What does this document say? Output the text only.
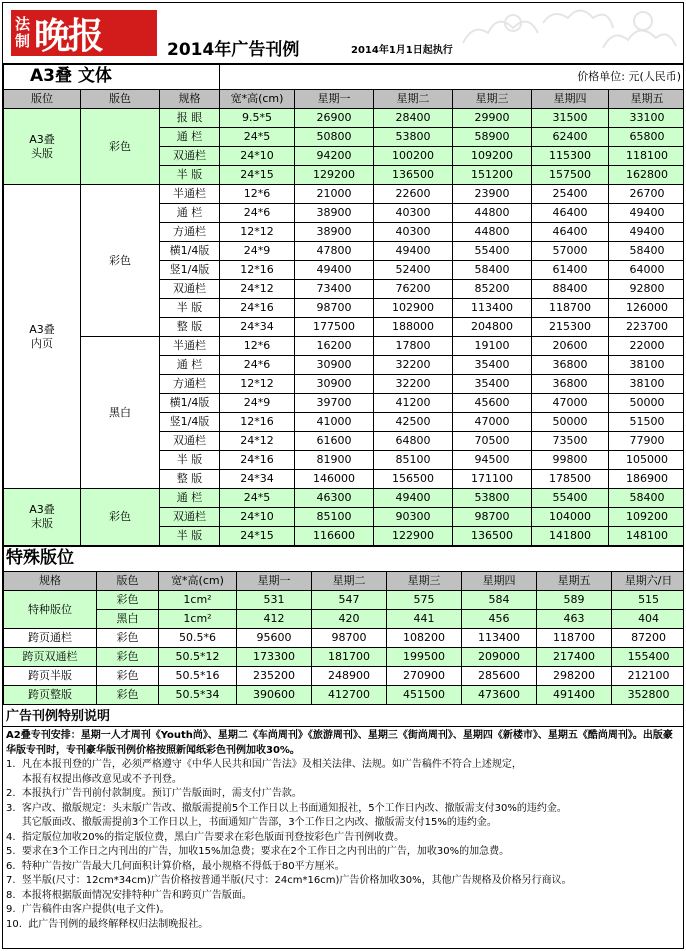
法
制 晚报	2014年广告刊例	2014年1月1日起执行
A3叠 文体			价格单位: 元(人民币)					
版位	版色	规格	宽*高(cm)	星期一	星期二	星期三	星期四	星期五
A3叠
头版	彩色	报 眼	9.5*5	26900	28400	29900	31500	33100
		通 栏	24*5	50800	53800	58900	62400	65800
		双通栏	24*10	94200	100200	109200	115300	118100
		半 版	24*15	129200	136500	151200	157500	162800
A3叠
内页	彩色	半通栏	12*6	21000	22600	23900	25400	26700
		通 栏	24*6	38900	40300	44800	46400	49400
		方通栏	12*12	38900	40300	44800	46400	49400
		横1/4版	24*9	47800	49400	55400	57000	58400
		竖1/4版	12*16	49400	52400	58400	61400	64000
		双通栏	24*12	73400	76200	85200	88400	92800
		半 版	24*16	98700	102900	113400	118700	126000
		整 版	24*34	177500	188000	204800	215300	223700
	黑白	半通栏	12*6	16200	17800	19100	20600	22000
		通 栏	24*6	30900	32200	35400	36800	38100
		方通栏	12*12	30900	32200	35400	36800	38100
		横1/4版	24*9	39700	41200	45600	47000	50000
		竖1/4版	12*16	41000	42500	47000	50000	51500
		双通栏	24*12	61600	64800	70500	73500	77900
		半 版	24*16	81900	85100	94500	99800	105000
		整 版	24*34	146000	156500	171100	178500	186900
A3叠
末版	彩色	通 栏	24*5	46300	49400	53800	55400	58400
		双通栏	24*10	85100	90300	98700	104000	109200
		半 版	24*15	116600	122900	136500	141800	148100
特殊版位								
规格	版色	宽*高(cm)	星期一	星期二	星期三	星期四	星期五	星期六/日
特种版位	彩色	1cm²	531	547	575	584	589	515
	黑白	1cm²	412	420	441	456	463	404
跨页通栏	彩色	50.5*6	95600	98700	108200	113400	118700	87200
跨页双通栏	彩色	50.5*12	173300	181700	199500	209000	217400	155400
跨页半版	彩色	50.5*16	235200	248900	270900	285600	298200	212100
跨页整版	彩色	50.5*34	390600	412700	451500	473600	491400	352800
广告刊例特别说明

A2叠专刊安排：星期一人才周刊《Youth尚》、星期二《车尚周刊》《旅游周刊》、星期三《街尚周刊》、星期四《新楼市》、星期五《酷尚周刊》。出版豪华版专刊时，专刊豪华版刊例价格按照新闻纸彩色刊例加收30%。

1.  凡在本报刊登的广告，必须严格遵守《中华人民共和国广告法》及相关法律、法规。如广告稿件不符合上述规定，

本报有权提出修改意见或不予刊登。

2.  本报执行广告刊前付款制度。预订广告版面时，需支付广告款。

3.  客户改、撤版规定：头末版广告改、撤版需提前5个工作日以上书面通知报社，5个工作日内改、撤版需支付30%的违约金。

其它版面改、撤版需提前3个工作日以上，书面通知广告部，3个工作日之内改、撤版需支付15%的违约金。

4.  指定版位加收20%的指定版位费，黑白广告要求在彩色版面刊登按彩色广告刊例收费。

5.  要求在3个工作日之内刊出的广告，加收15%加急费；要求在2个工作日之内刊出的广告，加收30%的加急费。

6.  特种广告按广告最大几何面积计算价格，最小规格不得低于80平方厘米。

7.  竖半版(尺寸：12cm*34cm)广告价格按普通半版(尺寸：24cm*16cm)广告价格加收30%，其他广告规格及价格另行商议。

8.  本报将根据版面情况安排特种广告和跨页广告版面。

9.  广告稿件由客户提供(电子文件)。

10.  此广告刊例的最终解释权归法制晚报社。
